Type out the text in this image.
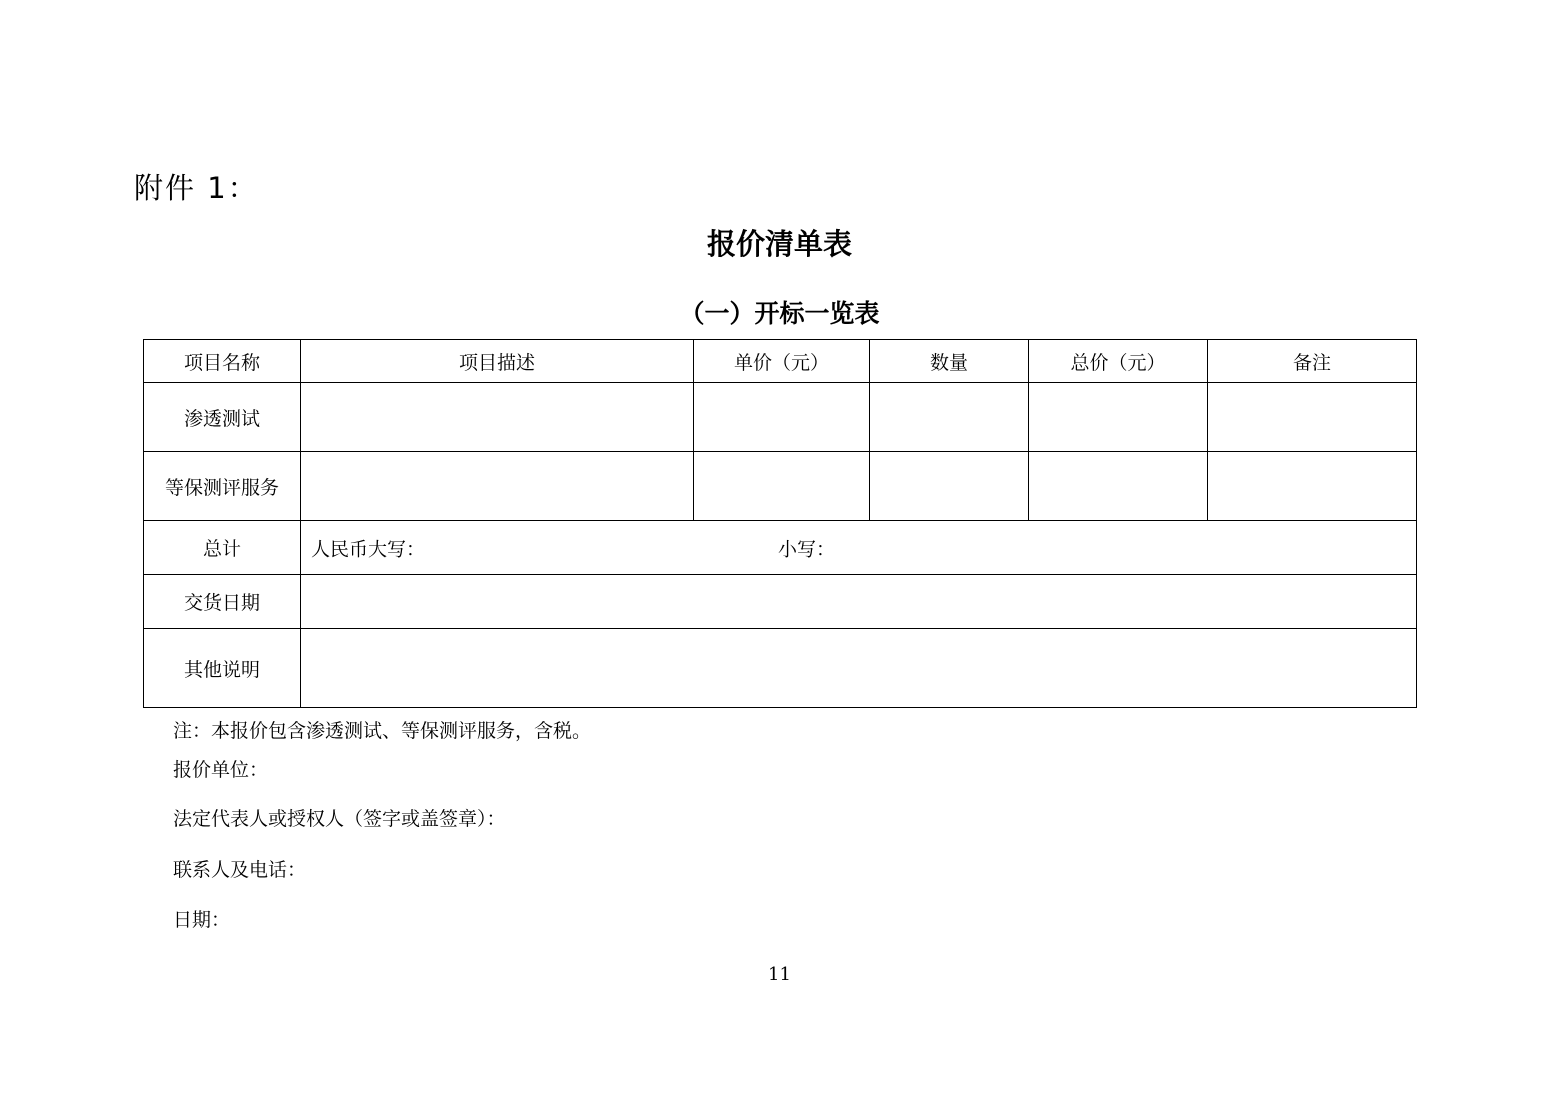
附件 1：
报价清单表
（一）开标一览表
项目名称	项目描述	单价（元）	数量	总价（元）	备注
渗透测试					
等保测评服务					
总计	人民币大写： 小写：				

交货日期					
其他说明					
注：本报价包含渗透测试、等保测评服务，含税。
报价单位：
法定代表人或授权人（签字或盖签章）：
联系人及电话：
日期：
11
